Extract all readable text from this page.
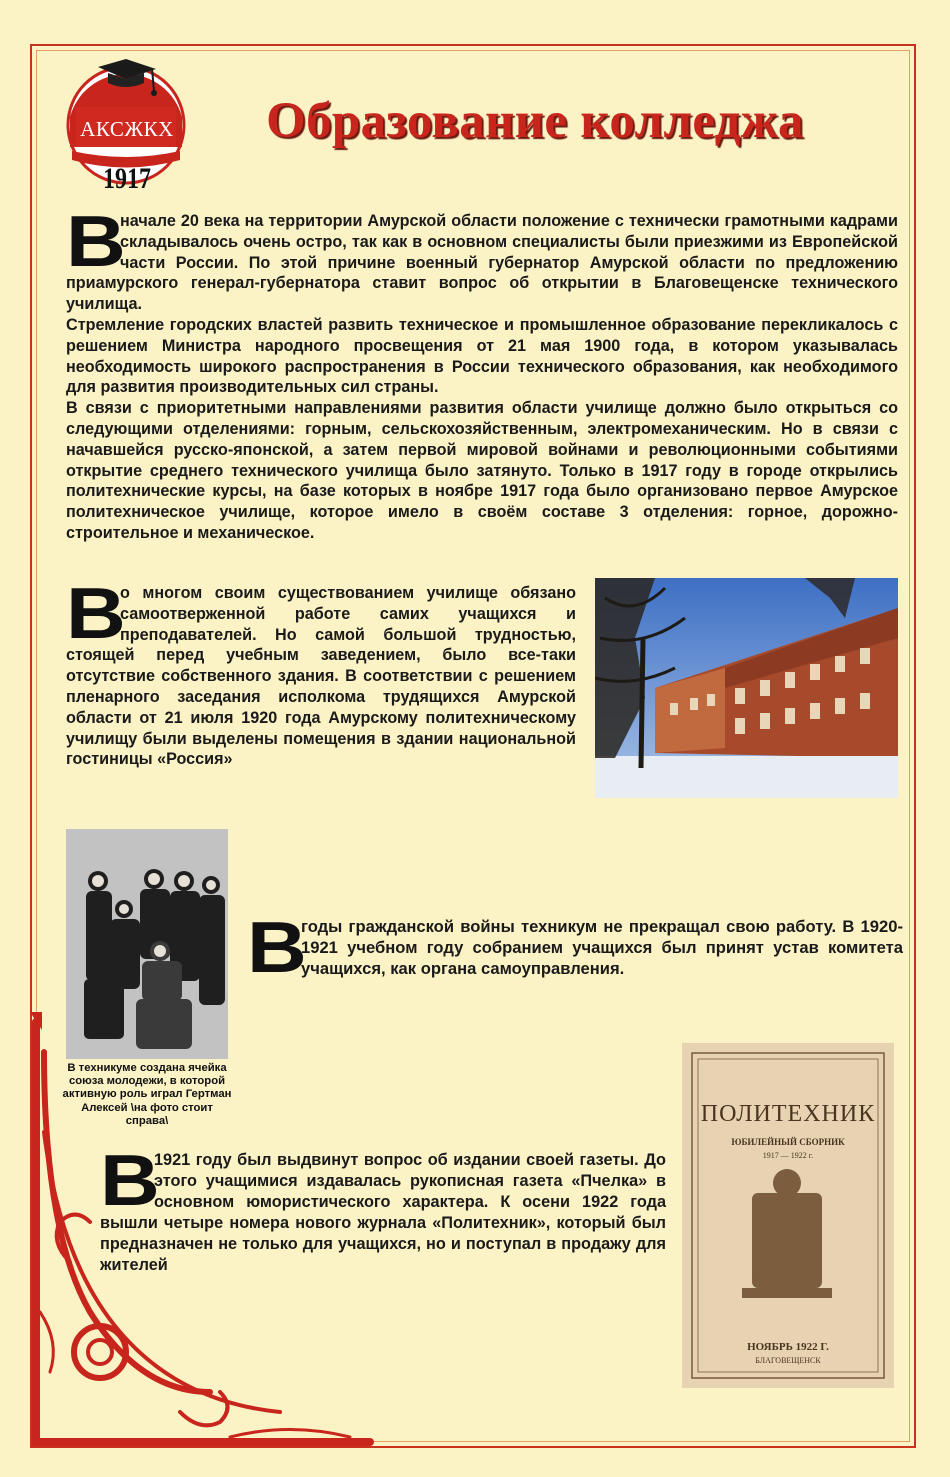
АКСЖКХ
1917
Образование колледжа
В

начале 20 века на территории Амурской области положение с технически грамотными кадрами складывалось очень остро, так как в основном специалисты были приезжими из Европейской части России. По этой причине военный губернатор Амурской области по предложению приамурского генерал-губернатора ставит вопрос об открытии в Благовещенске технического училища.

Стремление городских властей развить техническое и промышленное образование перекликалось с решением Министра народного просвещения от 21 мая 1900 года, в котором указывалась необходимость широкого распространения в России технического образования, как необходимого для развития производительных сил страны.

В связи с приоритетными направлениями развития области училище должно было открыться со следующими отделениями: горным, сельскохозяйственным, электромеханическим. Но в связи с начавшейся русско-японской, а затем первой мировой войнами и революционными событиями открытие среднего технического училища было затянуто. Только в 1917 году в городе открылись политехнические курсы, на базе которых в ноябре 1917 года было организовано первое Амурское политехническое училище, которое имело в своём составе 3 отделения: горное, дорожно-строительное и механическое.

В

о многом своим существованием училище обязано самоотверженной работе самих учащихся и преподавателей. Но самой большой трудностью, стоящей перед учебным заведением, было все-таки отсутствие собственного здания. В соответствии с решением пленарного заседания исполкома трудящихся Амурской области от 21 июля 1920 года Амурскому политехническому училищу были выделены помещения в здании национальной гостиницы «Россия»

В техникуме создана ячейка союза молодежи, в которой активную роль играл Гертман Алексей \на фото стоит справа\
В

годы гражданской войны техникум не прекращал свою работу. В 1920-1921 учебном году собранием учащихся был принят устав комитета учащихся, как органа самоуправления.

ПОЛИТЕХНИК
ЮБИЛЕЙНЫЙ СБОРНИК
1917 — 1922 г.
НОЯБРЬ 1922 Г.
БЛАГОВЕЩЕНСК
В

1921 году был выдвинут вопрос об издании своей газеты. До этого учащимися издавалась рукописная газета «Пчелка» в основном юмористического характера. К осени 1922 года вышли четыре номера нового журнала «Политехник», который был предназначен не только для учащихся, но и поступал в продажу для жителей
